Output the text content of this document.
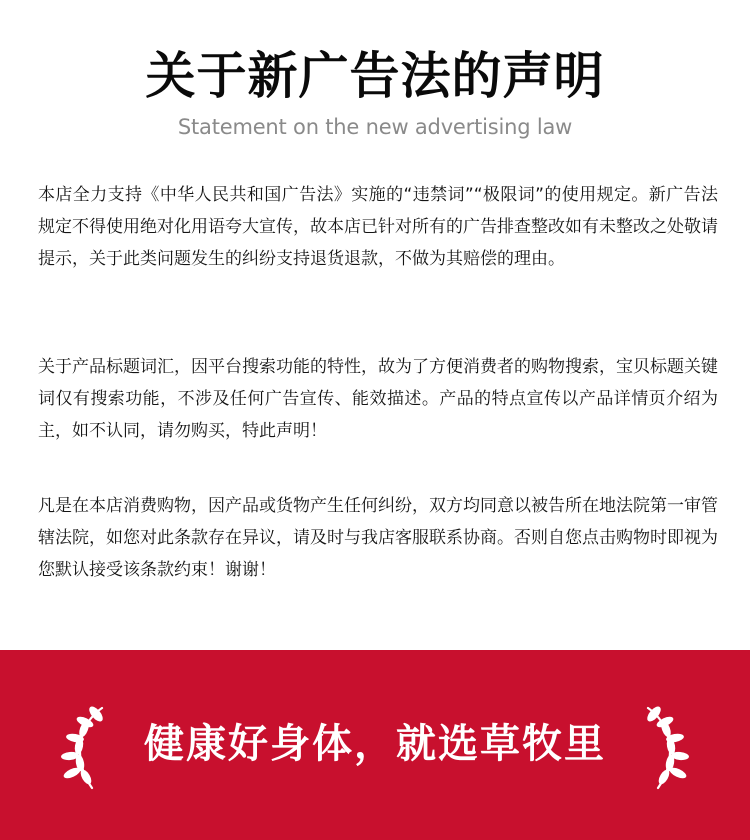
关于新广告法的声明

Statement on the new advertising law

本店全力支持《中华人民共和国广告法》实施的“违禁词”“极限词”的使用规定。新广告法规定不得使用绝对化用语夸大宣传，故本店已针对所有的广告排查整改如有未整改之处敬请提示，关于此类问题发生的纠纷支持退货退款，不做为其赔偿的理由。

关于产品标题词汇，因平台搜索功能的特性，故为了方便消费者的购物搜索，宝贝标题关键词仅有搜索功能，不涉及任何广告宣传、能效描述。产品的特点宣传以产品详情页介绍为主，如不认同，请勿购买，特此声明！

凡是在本店消费购物，因产品或货物产生任何纠纷，双方均同意以被告所在地法院第一审管辖法院，如您对此条款存在异议，请及时与我店客服联系协商。否则自您点击购物时即视为您默认接受该条款约束！谢谢！

健康好身体，就选草牧里
